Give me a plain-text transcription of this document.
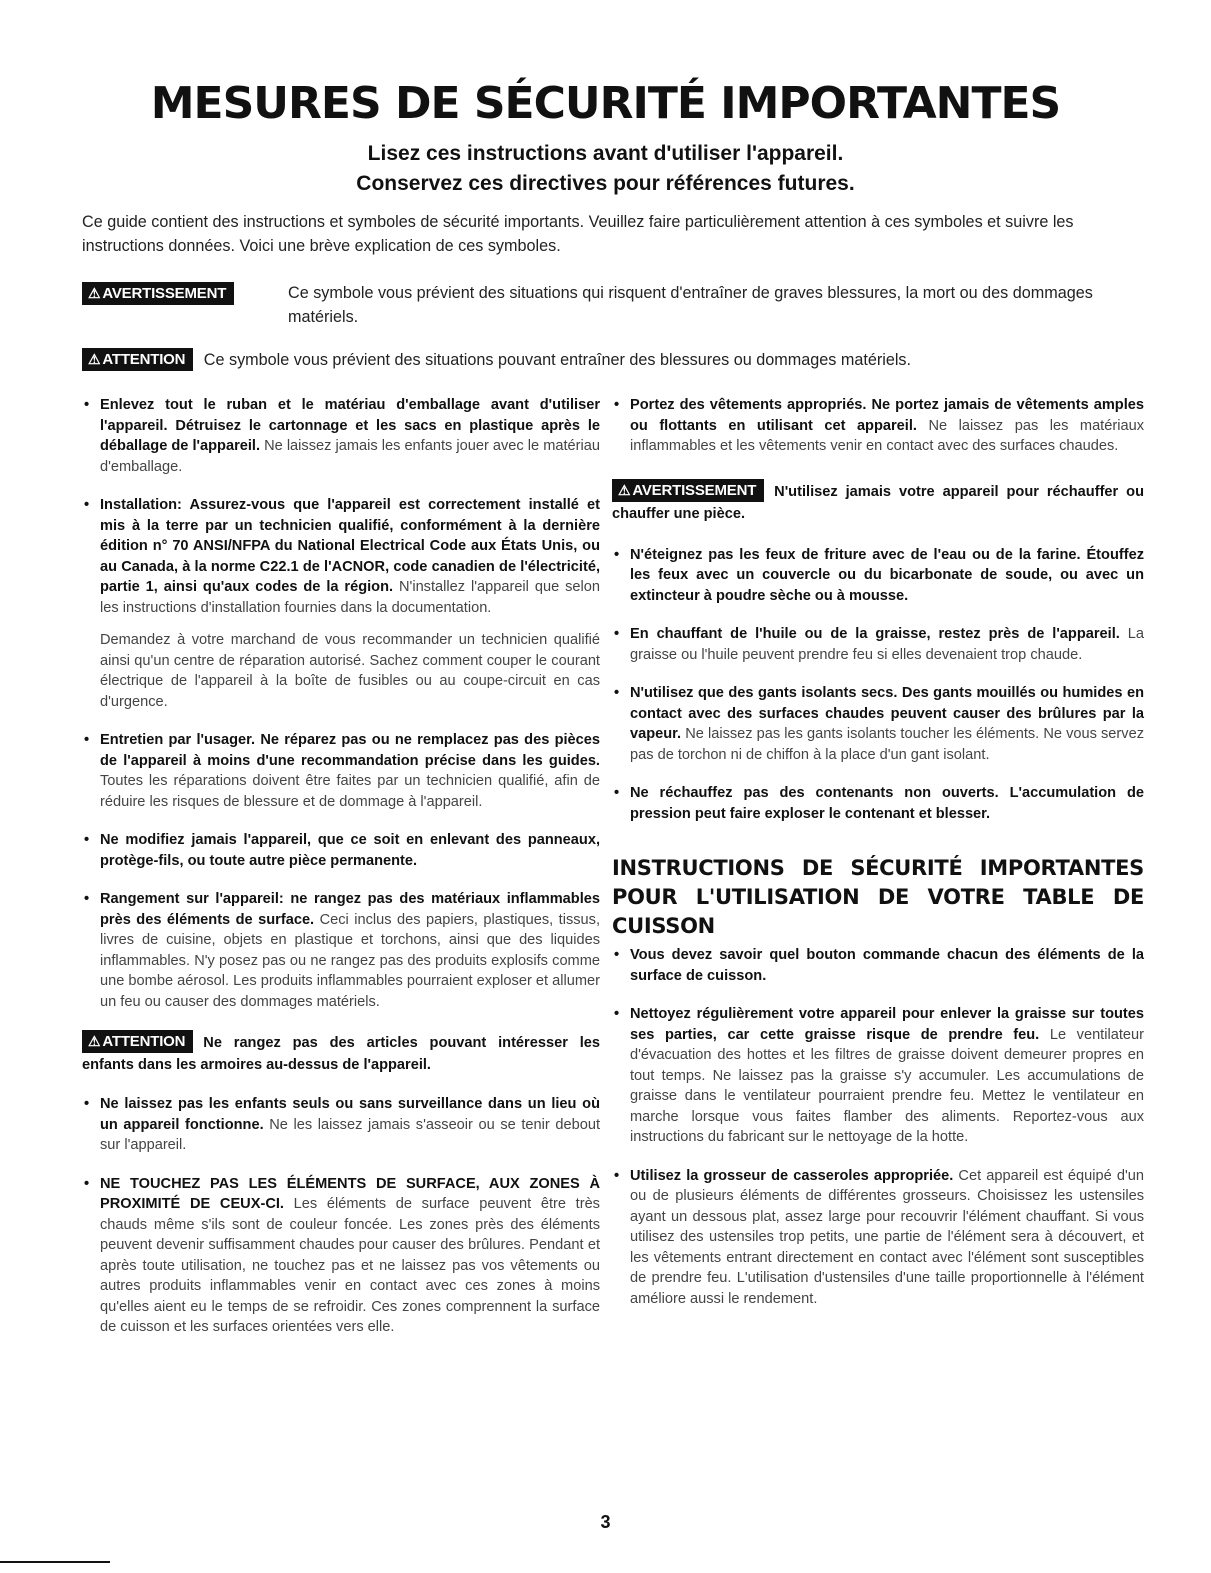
MESURES DE SÉCURITÉ IMPORTANTES

Lisez ces instructions avant d'utiliser l'appareil.

Conservez ces directives pour références futures.

Ce guide contient des instructions et symboles de sécurité importants. Veuillez faire particulièrement attention à ces symboles et suivre les instructions données. Voici une brève explication de ces symboles.

⚠ AVERTISSEMENT	Ce symbole vous prévient des situations qui risquent d'entraîner de graves blessures, la mort ou des dommages matériels.
⚠ ATTENTION Ce symbole vous prévient des situations pouvant entraîner des blessures ou dommages matériels.
• Enlevez tout le ruban et le matériau d'emballage avant d'utiliser l'appareil. Détruisez le cartonnage et les sacs en plastique après le déballage de l'appareil. Ne laissez jamais les enfants jouer avec le matériau d'emballage.
• Installation: Assurez-vous que l'appareil est correctement installé et mis à la terre par un technicien qualifié, conformément à la dernière édition n° 70 ANSI/NFPA du National Electrical Code aux États Unis, ou au Canada, à la norme C22.1 de l'ACNOR, code canadien de l'électricité, partie 1, ainsi qu'aux codes de la région. N'installez l'appareil que selon les instructions d'installation fournies dans la documentation.

Demandez à votre marchand de vous recommander un technicien qualifié ainsi qu'un centre de réparation autorisé. Sachez comment couper le courant électrique de l'appareil à la boîte de fusibles ou au coupe-circuit en cas d'urgence.

• Entretien par l'usager. Ne réparez pas ou ne remplacez pas des pièces de l'appareil à moins d'une recommandation précise dans les guides. Toutes les réparations doivent être faites par un technicien qualifié, afin de réduire les risques de blessure et de dommage à l'appareil.
• Ne modifiez jamais l'appareil, que ce soit en enlevant des panneaux, protège-fils, ou toute autre pièce permanente.
• Rangement sur l'appareil: ne rangez pas des matériaux inflammables près des éléments de surface. Ceci inclus des papiers, plastiques, tissus, livres de cuisine, objets en plastique et torchons, ainsi que des liquides inflammables. N'y posez pas ou ne rangez pas des produits explosifs comme une bombe aérosol. Les produits inflammables pourraient exploser et allumer un feu ou causer des dommages matériels.
⚠ ATTENTION Ne rangez pas des articles pouvant intéresser les enfants dans les armoires au-dessus de l'appareil.
• Ne laissez pas les enfants seuls ou sans surveillance dans un lieu où un appareil fonctionne. Ne les laissez jamais s'asseoir ou se tenir debout sur l'appareil.
• NE TOUCHEZ PAS LES ÉLÉMENTS DE SURFACE, AUX ZONES À PROXIMITÉ DE CEUX-CI. Les éléments de surface peuvent être très chauds même s'ils sont de couleur foncée. Les zones près des éléments peuvent devenir suffisamment chaudes pour causer des brûlures. Pendant et après toute utilisation, ne touchez pas et ne laissez pas vos vêtements ou autres produits inflammables venir en contact avec ces zones à moins qu'elles aient eu le temps de se refroidir. Ces zones comprennent la surface de cuisson et les surfaces orientées vers elle.
• Portez des vêtements appropriés. Ne portez jamais de vêtements amples ou flottants en utilisant cet appareil. Ne laissez pas les matériaux inflammables et les vêtements venir en contact avec des surfaces chaudes.
⚠ AVERTISSEMENT N'utilisez jamais votre appareil pour réchauffer ou chauffer une pièce.
• N'éteignez pas les feux de friture avec de l'eau ou de la farine. Étouffez les feux avec un couvercle ou du bicarbonate de soude, ou avec un extincteur à poudre sèche ou à mousse.
• En chauffant de l'huile ou de la graisse, restez près de l'appareil. La graisse ou l'huile peuvent prendre feu si elles devenaient trop chaude.
• N'utilisez que des gants isolants secs. Des gants mouillés ou humides en contact avec des surfaces chaudes peuvent causer des brûlures par la vapeur. Ne laissez pas les gants isolants toucher les éléments. Ne vous servez pas de torchon ni de chiffon à la place d'un gant isolant.
• Ne réchauffez pas des contenants non ouverts. L'accumulation de pression peut faire exploser le contenant et blesser.
INSTRUCTIONS DE SÉCURITÉ IMPORTANTES POUR L'UTILISATION DE VOTRE TABLE DE CUISSON
• Vous devez savoir quel bouton commande chacun des éléments de la surface de cuisson.
• Nettoyez régulièrement votre appareil pour enlever la graisse sur toutes ses parties, car cette graisse risque de prendre feu. Le ventilateur d'évacuation des hottes et les filtres de graisse doivent demeurer propres en tout temps. Ne laissez pas la graisse s'y accumuler. Les accumulations de graisse dans le ventilateur pourraient prendre feu. Mettez le ventilateur en marche lorsque vous faites flamber des aliments. Reportez-vous aux instructions du fabricant sur le nettoyage de la hotte.
• Utilisez la grosseur de casseroles appropriée. Cet appareil est équipé d'un ou de plusieurs éléments de différentes grosseurs. Choisissez les ustensiles ayant un dessous plat, assez large pour recouvrir l'élément chauffant. Si vous utilisez des ustensiles trop petits, une partie de l'élément sera à découvert, et les vêtements entrant directement en contact avec l'élément sont susceptibles de prendre feu. L'utilisation d'ustensiles d'une taille proportionnelle à l'élément améliore aussi le rendement.
3
